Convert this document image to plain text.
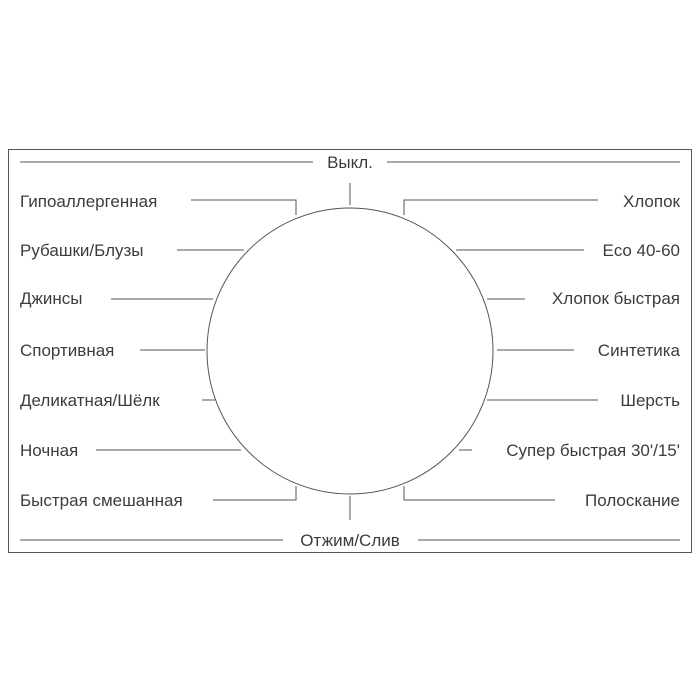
Выкл.
Отжим/Слив
Гипоаллергенная
Рубашки/Блузы
Джинсы
Спортивная
Деликатная/Шёлк
Ночная
Быстрая смешанная
Хлопок
Eco 40-60
Хлопок быстрая
Синтетика
Шерсть
Супер быстрая 30'/15'
Полоскание
